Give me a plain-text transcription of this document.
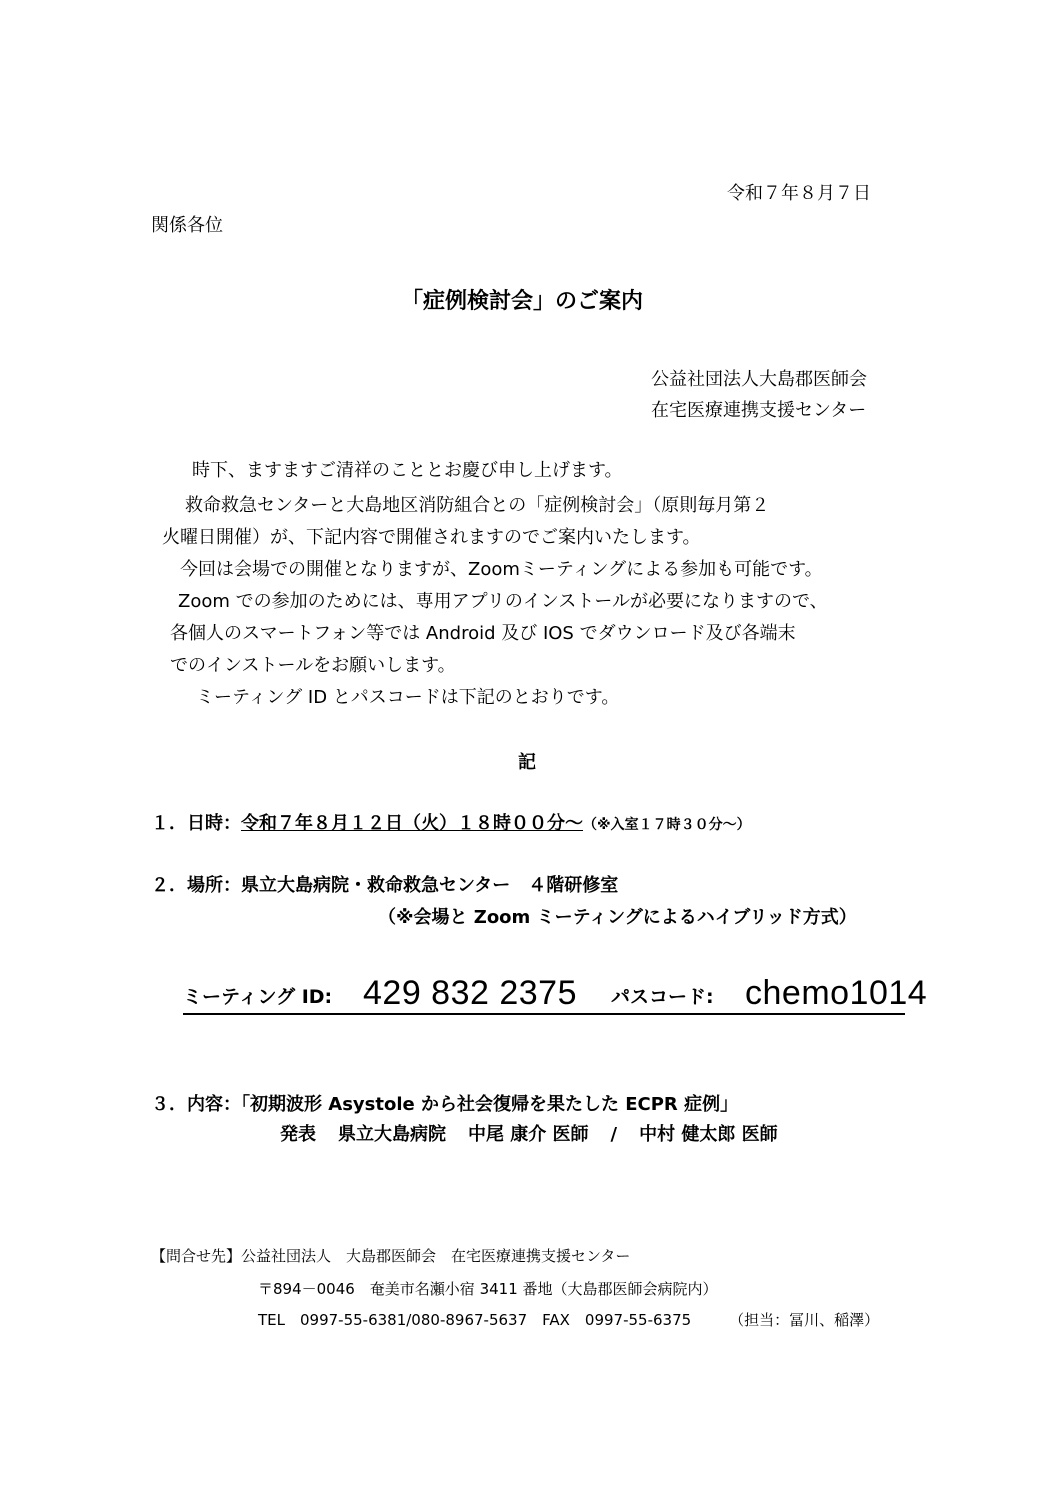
令和７年８月７日
関係各位
「症例検討会」のご案内
公益社団法人大島郡医師会
在宅医療連携支援センター
時下、ますますご清祥のこととお慶び申し上げます。
救命救急センターと大島地区消防組合との「症例検討会」（原則毎月第２
火曜日開催）が、下記内容で開催されますのでご案内いたします。
今回は会場での開催となりますが、Zoomミーティングによる参加も可能です。
Zoom での参加のためには、専用アプリのインストールが必要になりますので、
各個人のスマートフォン等では Android 及び IOS でダウンロード及び各端末
でのインストールをお願いします。
ミーティング ID とパスコードは下記のとおりです。
記
１．日時：令和７年８月１２日（火）１８時００分～（※入室１７時３０分～）
２．場所：県立大島病院・救命救急センター　４階研修室
（※会場と Zoom ミーティングによるハイブリッド方式）
ミーティング ID: 429 832 2375 パスコード: chemo1014
３．内容：「初期波形 Asystole から社会復帰を果たした ECPR 症例」
発表 県立大島病院 中尾 康介 医師 / 中村 健太郎 医師
【問合せ先】公益社団法人　大島郡医師会　在宅医療連携支援センター
〒894－0046　奄美市名瀬小宿 3411 番地（大島郡医師会病院内）
TEL　0997-55-6381/080-8967-5637　FAX　0997-55-6375	（担当：冨川、稲澤）
